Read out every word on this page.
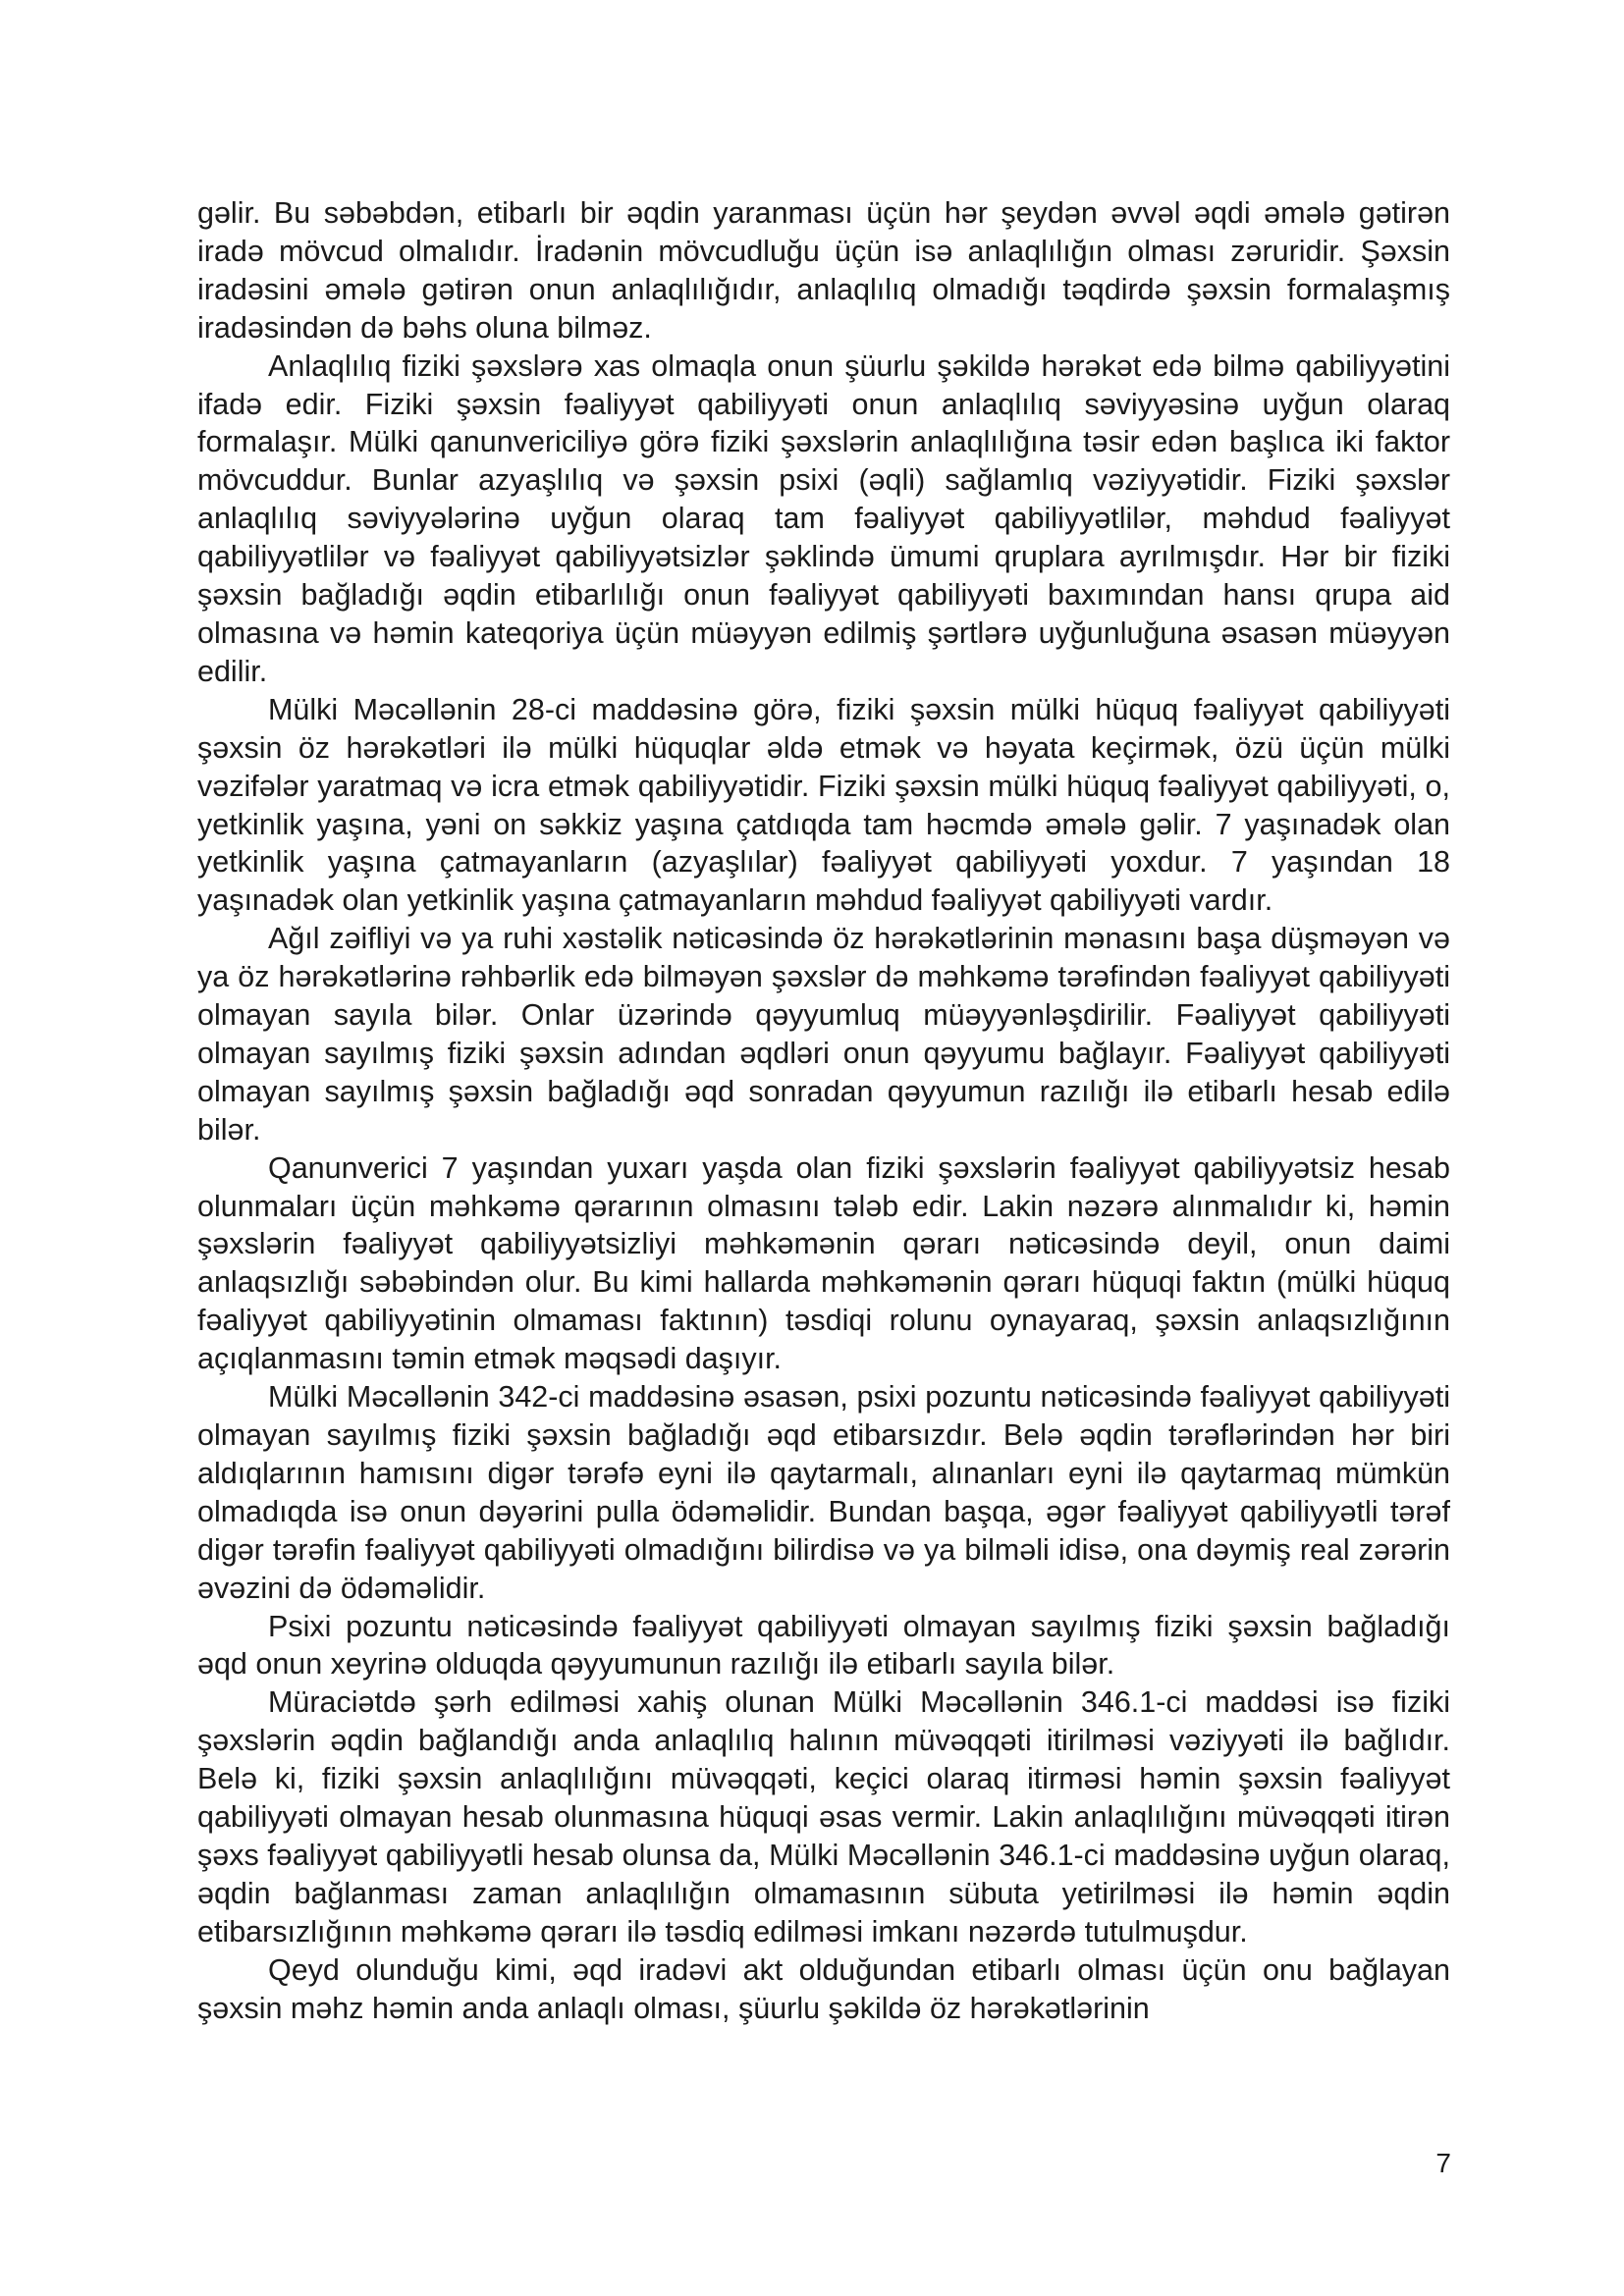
gəlir. Bu səbəbdən, etibarlı bir əqdin yaranması üçün hər şeydən əvvəl əqdi əmələ gətirən iradə mövcud olmalıdır. İradənin mövcudluğu üçün isə anlaqlılığın olması zəruridir. Şəxsin iradəsini əmələ gətirən onun anlaqlılığıdır, anlaqlılıq olmadığı təqdirdə şəxsin formalaşmış iradəsindən də bəhs oluna bilməz.

Anlaqlılıq fiziki şəxslərə xas olmaqla onun şüurlu şəkildə hərəkət edə bilmə qabiliyyətini ifadə edir. Fiziki şəxsin fəaliyyət qabiliyyəti onun anlaqlılıq səviyyəsinə uyğun olaraq formalaşır. Mülki qanunvericiliyə görə fiziki şəxslərin anlaqlılığına təsir edən başlıca iki faktor mövcuddur. Bunlar azyaşlılıq və şəxsin psixi (əqli) sağlamlıq vəziyyətidir. Fiziki şəxslər anlaqlılıq səviyyələrinə uyğun olaraq tam fəaliyyət qabiliyyətlilər, məhdud fəaliyyət qabiliyyətlilər və fəaliyyət qabiliyyətsizlər şəklində ümumi qruplara ayrılmışdır. Hər bir fiziki şəxsin bağladığı əqdin etibarlılığı onun fəaliyyət qabiliyyəti baxımından hansı qrupa aid olmasına və həmin kateqoriya üçün müəyyən edilmiş şərtlərə uyğunluğuna əsasən müəyyən edilir.

Mülki Məcəllənin 28-ci maddəsinə görə, fiziki şəxsin mülki hüquq fəaliyyət qabiliyyəti şəxsin öz hərəkətləri ilə mülki hüquqlar əldə etmək və həyata keçirmək, özü üçün mülki vəzifələr yaratmaq və icra etmək qabiliyyətidir. Fiziki şəxsin mülki hüquq fəaliyyət qabiliyyəti, o, yetkinlik yaşına, yəni on səkkiz yaşına çatdıqda tam həcmdə əmələ gəlir. 7 yaşınadək olan yetkinlik yaşına çatmayanların (azyaşlılar) fəaliyyət qabiliyyəti yoxdur. 7 yaşından 18 yaşınadək olan yetkinlik yaşına çatmayanların məhdud fəaliyyət qabiliyyəti vardır.

Ağıl zəifliyi və ya ruhi xəstəlik nəticəsində öz hərəkətlərinin mənasını başa düşməyən və ya öz hərəkətlərinə rəhbərlik edə bilməyən şəxslər də məhkəmə tərəfindən fəaliyyət qabiliyyəti olmayan sayıla bilər. Onlar üzərində qəyyumluq müəyyənləşdirilir. Fəaliyyət qabiliyyəti olmayan sayılmış fiziki şəxsin adından əqdləri onun qəyyumu bağlayır. Fəaliyyət qabiliyyəti olmayan sayılmış şəxsin bağladığı əqd sonradan qəyyumun razılığı ilə etibarlı hesab edilə bilər.

Qanunverici 7 yaşından yuxarı yaşda olan fiziki şəxslərin fəaliyyət qabiliyyətsiz hesab olunmaları üçün məhkəmə qərarının olmasını tələb edir. Lakin nəzərə alınmalıdır ki, həmin şəxslərin fəaliyyət qabiliyyətsizliyi məhkəmənin qərarı nəticəsində deyil, onun daimi anlaqsızlığı səbəbindən olur. Bu kimi hallarda məhkəmənin qərarı hüquqi faktın (mülki hüquq fəaliyyət qabiliyyətinin olmaması faktının) təsdiqi rolunu oynayaraq, şəxsin anlaqsızlığının açıqlanmasını təmin etmək məqsədi daşıyır.

Mülki Məcəllənin 342-ci maddəsinə əsasən, psixi pozuntu nəticəsində fəaliyyət qabiliyyəti olmayan sayılmış fiziki şəxsin bağladığı əqd etibarsızdır. Belə əqdin tərəflərindən hər biri aldıqlarının hamısını digər tərəfə eyni ilə qaytarmalı, alınanları eyni ilə qaytarmaq mümkün olmadıqda isə onun dəyərini pulla ödəməlidir. Bundan başqa, əgər fəaliyyət qabiliyyətli tərəf digər tərəfin fəaliyyət qabiliyyəti olmadığını bilirdisə və ya bilməli idisə, ona dəymiş real zərərin əvəzini də ödəməlidir.

Psixi pozuntu nəticəsində fəaliyyət qabiliyyəti olmayan sayılmış fiziki şəxsin bağladığı əqd onun xeyrinə olduqda qəyyumunun razılığı ilə etibarlı sayıla bilər.

Müraciətdə şərh edilməsi xahiş olunan Mülki Məcəllənin 346.1-ci maddəsi isə fiziki şəxslərin əqdin bağlandığı anda anlaqlılıq halının müvəqqəti itirilməsi vəziyyəti ilə bağlıdır. Belə ki, fiziki şəxsin anlaqlılığını müvəqqəti, keçici olaraq itirməsi həmin şəxsin fəaliyyət qabiliyyəti olmayan hesab olunmasına hüquqi əsas vermir. Lakin anlaqlılığını müvəqqəti itirən şəxs fəaliyyət qabiliyyətli hesab olunsa da, Mülki Məcəllənin 346.1-ci maddəsinə uyğun olaraq, əqdin bağlanması zaman anlaqlılığın olmamasının sübuta yetirilməsi ilə həmin əqdin etibarsızlığının məhkəmə qərarı ilə təsdiq edilməsi imkanı nəzərdə tutulmuşdur.

Qeyd olunduğu kimi, əqd iradəvi akt olduğundan etibarlı olması üçün onu bağlayan şəxsin məhz həmin anda anlaqlı olması, şüurlu şəkildə öz hərəkətlərinin

7
